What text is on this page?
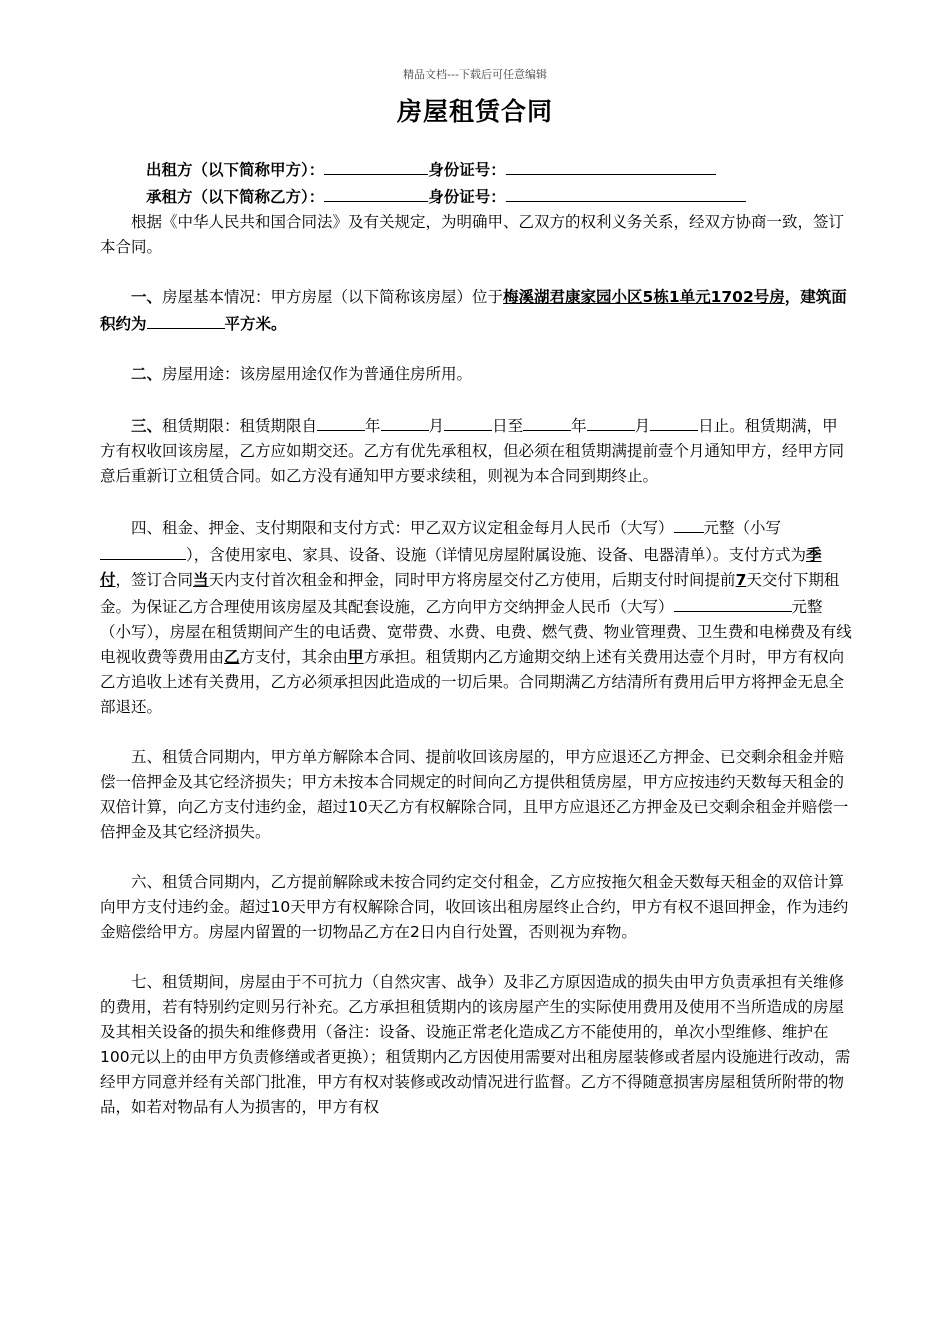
精品文档---下载后可任意编辑
房屋租赁合同
出租方（以下简称甲方）：	身份证号：
承租方（以下简称乙方）：	身份证号：

根据《中华人民共和国合同法》及有关规定，为明确甲、乙双方的权利义务关系，经双方协商一致，签订本合同。

一、房屋基本情况：甲方房屋（以下简称该房屋）位于梅溪湖君康家园小区5栋1单元1702号房，建筑面积约为	平方米。

二、房屋用途：该房屋用途仅作为普通住房所用。

三、租赁期限：租赁期限自	年	月	日至	年	月	日止。租赁期满，甲方有权收回该房屋，乙方应如期交还。乙方有优先承租权，但必须在租赁期满提前壹个月通知甲方，经甲方同意后重新订立租赁合同。如乙方没有通知甲方要求续租，则视为本合同到期终止。

四、租金、押金、支付期限和支付方式：甲乙双方议定租金每月人民币（大写） 元整（小写），含使用家电、家具、设备、设施（详情见房屋附属设施、设备、电器清单）。支付方式为季付，签订合同当天内支付首次租金和押金，同时甲方将房屋交付乙方使用，后期支付时间提前7天交付下期租金。为保证乙方合理使用该房屋及其配套设施，乙方向甲方交纳押金人民币（大写）	元整（小写），房屋在租赁期间产生的电话费、宽带费、水费、电费、燃气费、物业管理费、卫生费和电梯费及有线电视收费等费用由乙方支付，其余由甲方承担。租赁期内乙方逾期交纳上述有关费用达壹个月时，甲方有权向乙方追收上述有关费用，乙方必须承担因此造成的一切后果。合同期满乙方结清所有费用后甲方将押金无息全部退还。

五、租赁合同期内，甲方单方解除本合同、提前收回该房屋的，甲方应退还乙方押金、已交剩余租金并赔偿一倍押金及其它经济损失；甲方未按本合同规定的时间向乙方提供租赁房屋，甲方应按违约天数每天租金的双倍计算，向乙方支付违约金，超过10天乙方有权解除合同，且甲方应退还乙方押金及已交剩余租金并赔偿一倍押金及其它经济损失。

六、租赁合同期内，乙方提前解除或未按合同约定交付租金，乙方应按拖欠租金天数每天租金的双倍计算向甲方支付违约金。超过10天甲方有权解除合同，收回该出租房屋终止合约，甲方有权不退回押金，作为违约金赔偿给甲方。房屋内留置的一切物品乙方在2日内自行处置，否则视为弃物。

七、租赁期间，房屋由于不可抗力（自然灾害、战争）及非乙方原因造成的损失由甲方负责承担有关维修的费用，若有特别约定则另行补充。乙方承担租赁期内的该房屋产生的实际使用费用及使用不当所造成的房屋及其相关设备的损失和维修费用（备注：设备、设施正常老化造成乙方不能使用的，单次小型维修、维护在100元以上的由甲方负责修缮或者更换）；租赁期内乙方因使用需要对出租房屋装修或者屋内设施进行改动，需经甲方同意并经有关部门批准，甲方有权对装修或改动情况进行监督。乙方不得随意损害房屋租赁所附带的物品，如若对物品有人为损害的，甲方有权
